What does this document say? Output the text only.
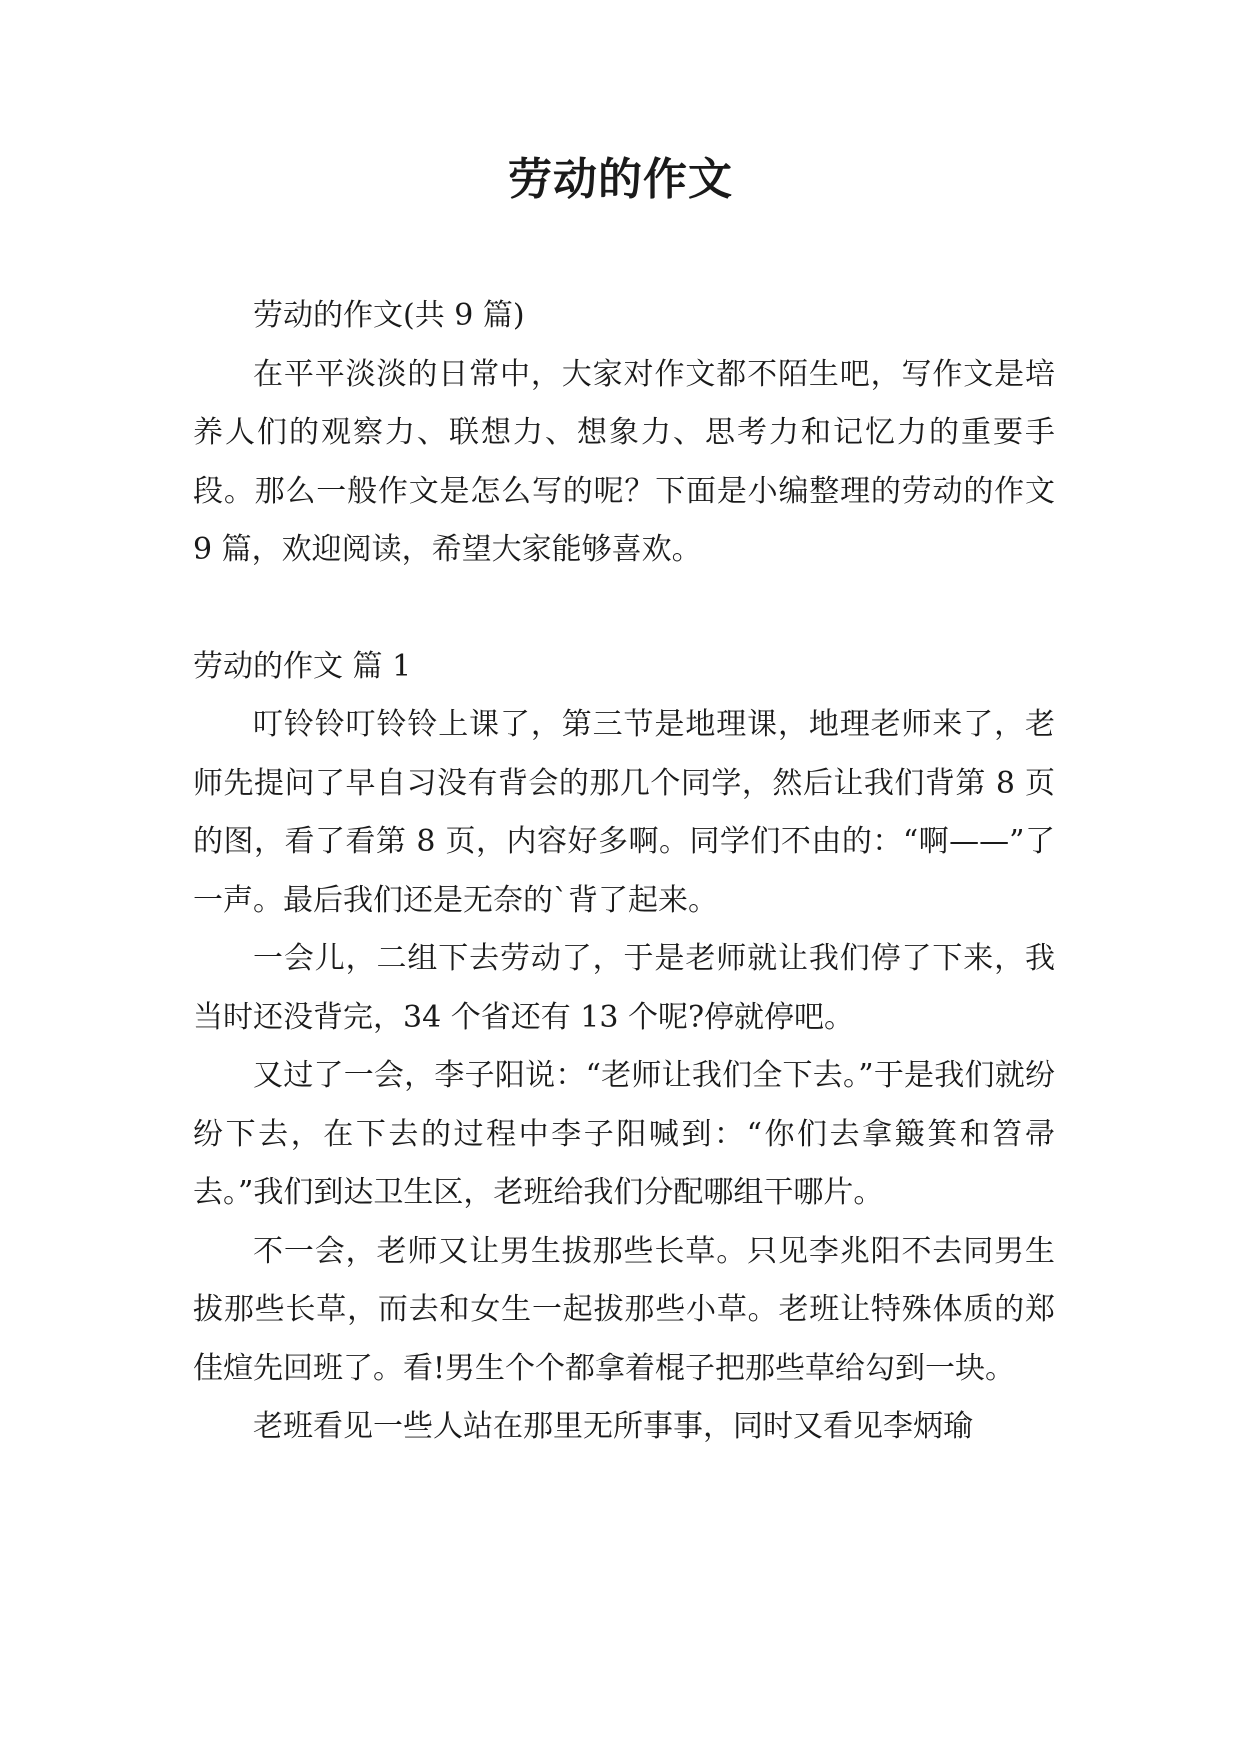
劳动的作文

劳动的作文(共 9 篇)

在平平淡淡的日常中，大家对作文都不陌生吧，写作文是培养人们的观察力、联想力、想象力、思考力和记忆力的重要手段。那么一般作文是怎么写的呢？下面是小编整理的劳动的作文 9 篇，欢迎阅读，希望大家能够喜欢。

劳动的作文 篇 1

叮铃铃叮铃铃上课了，第三节是地理课，地理老师来了，老师先提问了早自习没有背会的那几个同学，然后让我们背第 8 页的图，看了看第 8 页，内容好多啊。同学们不由的：“啊——”了一声。最后我们还是无奈的`背了起来。

一会儿，二组下去劳动了，于是老师就让我们停了下来，我当时还没背完，34 个省还有 13 个呢?停就停吧。

又过了一会，李子阳说：“老师让我们全下去。”于是我们就纷纷下去，在下去的过程中李子阳喊到：“你们去拿簸箕和笤帚去。”我们到达卫生区，老班给我们分配哪组干哪片。

不一会，老师又让男生拔那些长草。只见李兆阳不去同男生拔那些长草，而去和女生一起拔那些小草。老班让特殊体质的郑佳煊先回班了。看!男生个个都拿着棍子把那些草给勾到一块。

老班看见一些人站在那里无所事事，同时又看见李炳瑜
